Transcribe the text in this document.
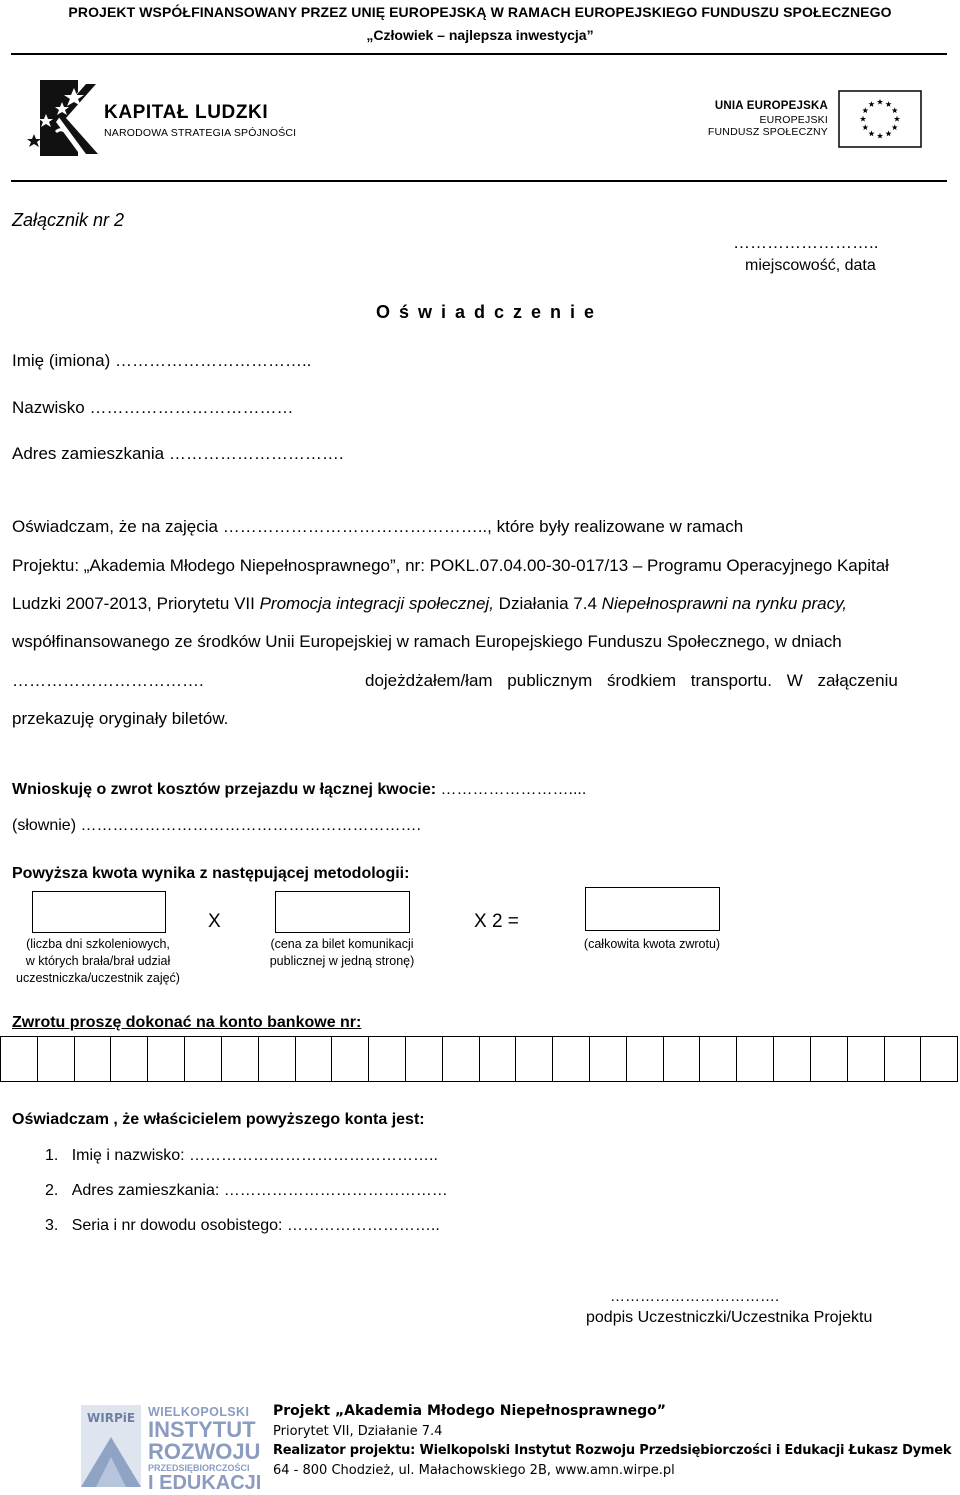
PROJEKT WSPÓŁFINANSOWANY PRZEZ UNIĘ EUROPEJSKĄ W RAMACH EUROPEJSKIEGO FUNDUSZU SPOŁECZNEGO
„Człowiek – najlepsza inwestycja”
KAPITAŁ LUDZKI
NARODOWA STRATEGIA SPÓJNOŚCI
UNIA EUROPEJSKA
EUROPEJSKI
FUNDUSZ SPOŁECZNY
Załącznik nr 2
……………………..
miejscowość, data
O ś w i a d c z e n i e
Imię (imiona) ……………………………..
Nazwisko ………………………………
Adres zamieszkania ………………………….
Oświadczam, że na zajęcia ……………………………………….., które były realizowane w ramach
Projektu: „Akademia Młodego Niepełnosprawnego”, nr: POKL.07.04.00-30-017/13 – Programu Operacyjnego Kapitał
Ludzki 2007-2013, Priorytetu VII Promocja integracji społecznej, Działania 7.4 Niepełnosprawni na rynku pracy,
współfinansowanego ze środków Unii Europejskiej w ramach Europejskiego Funduszu Społecznego, w dniach
…………………………….	dojeżdżałem/łam publicznym środkiem transportu. W załączeniu
przekazuję oryginały biletów.
Wnioskuję o zwrot kosztów przejazdu w łącznej kwocie: ……………………....
(słownie) ……………………………………………………….
Powyższa kwota wynika z następującej metodologii:
X	X 2 =
(liczba dni szkoleniowych,
w których brała/brał udział
uczestniczka/uczestnik zajęć)
(cena za bilet komunikacji
publicznej w jedną stronę)
(całkowita kwota zwrotu)
Zwrotu proszę dokonać na konto bankowe nr:
Oświadczam , że właścicielem powyższego konta jest:
1. Imię i nazwisko: ………………………………………..
2. Adres zamieszkania: ……………………………………
3. Seria i nr dowodu osobistego: ………………………..
…………………………….
podpis Uczestniczki/Uczestnika Projektu
WIRPiE WIELKOPOLSKI
INSTYTUT
ROZWOJU
PRZEDSIĘBIORCZOŚCI
I EDUKACJI
Projekt „Akademia Młodego Niepełnosprawnego”
Priorytet VII, Działanie 7.4
Realizator projektu: Wielkopolski Instytut Rozwoju Przedsiębiorczości i Edukacji Łukasz Dymek
64 - 800 Chodzież, ul. Małachowskiego 2B, www.amn.wirpe.pl
